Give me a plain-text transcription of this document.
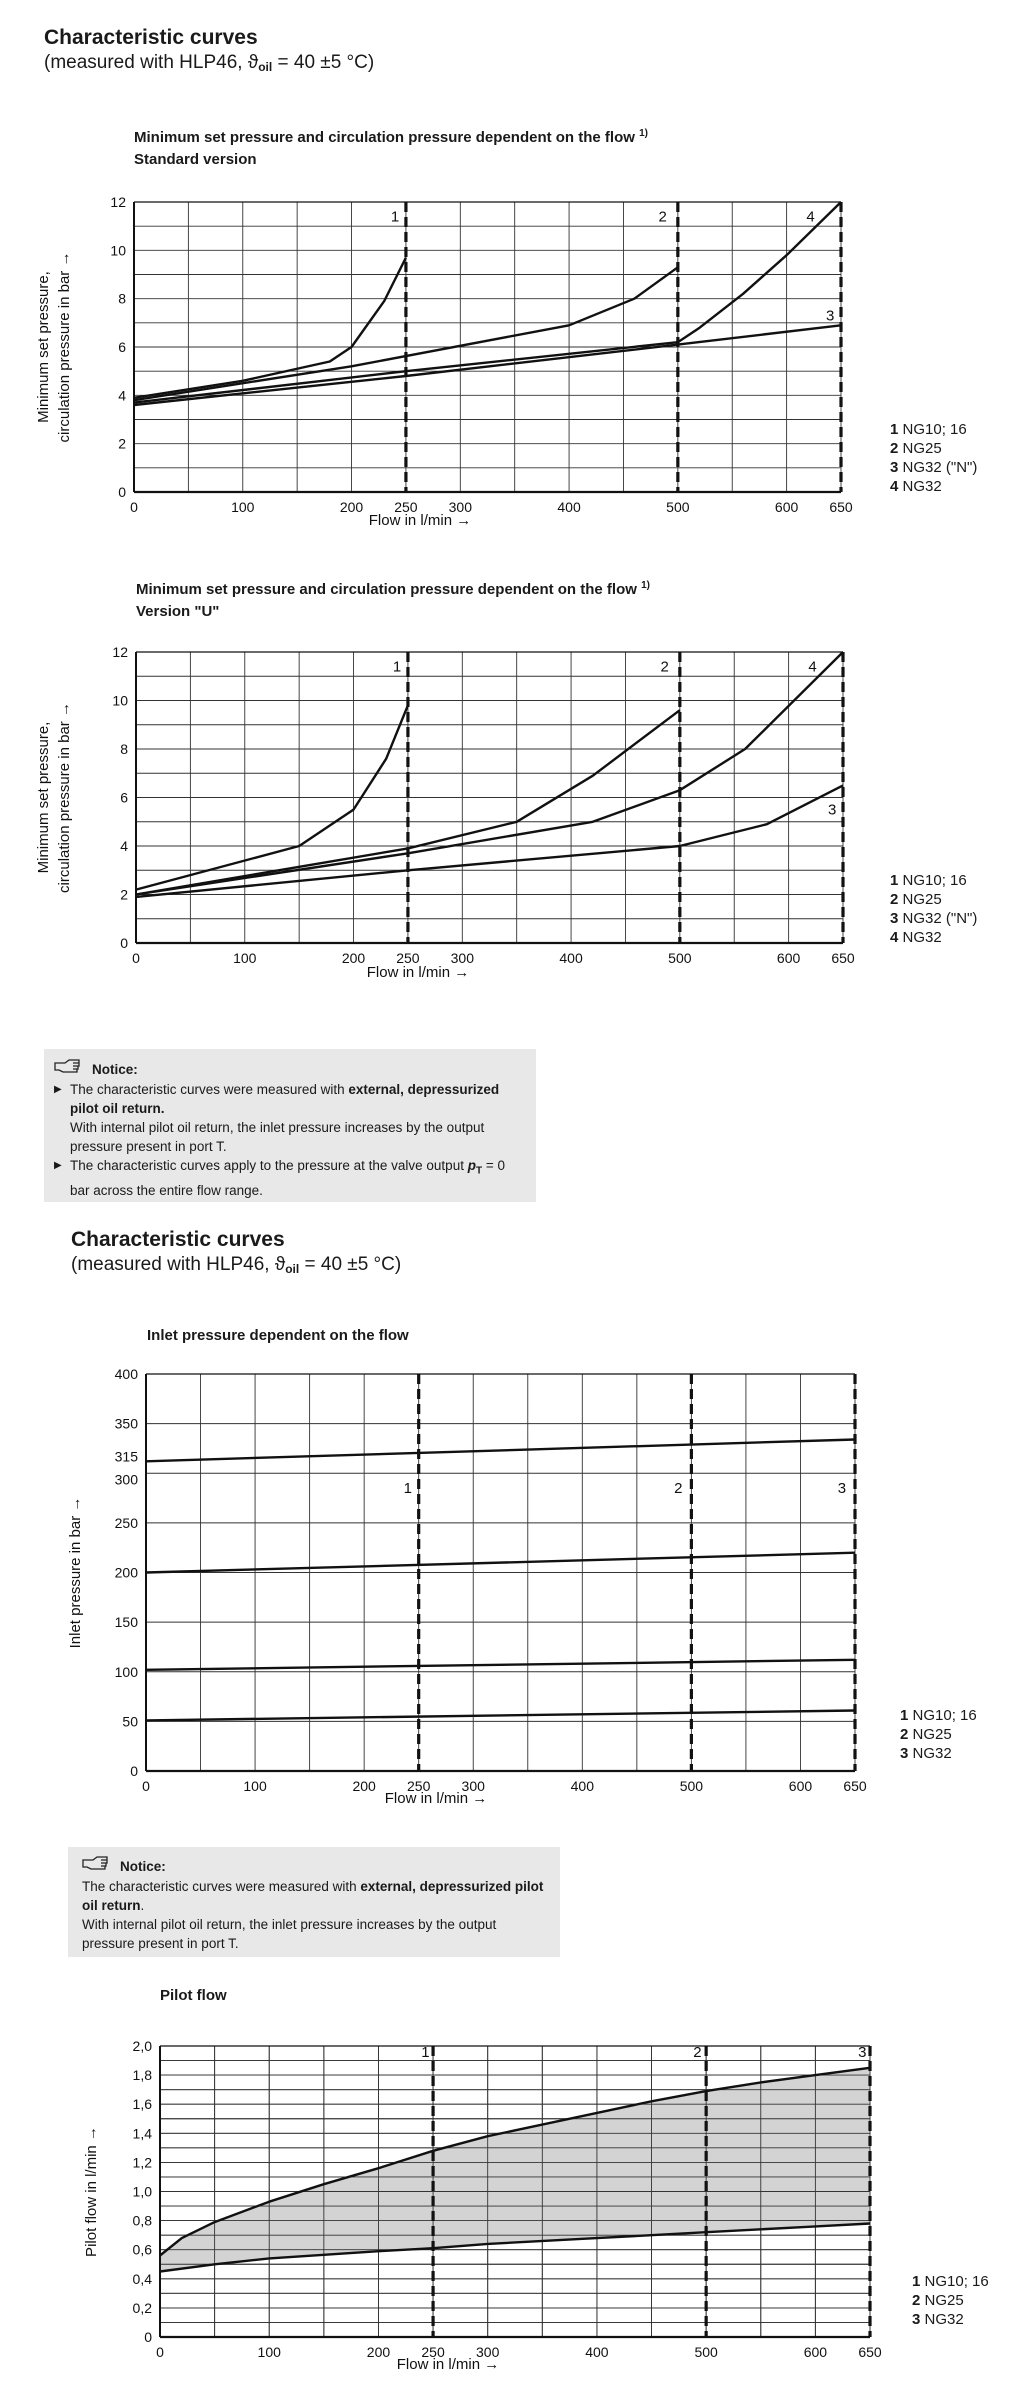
Characteristic curves
(measured with HLP46, $ϑ_{oil} = 40 \pm 5$ °C)
Minimum set pressure and circulation pressure dependent on the flow $^{1)}$
Standard version
1	2	4
3
0	100	200 250 300	400	500	600 650
0
2
4
6
8
10
12
Flow in l/min →
Minimum set pressure, circulation pressure in bar →	1 NG10; 16
2 NG25
3 NG32 ("N")
4 NG32
Minimum set pressure and circulation pressure dependent on the flow $^{1)}$
Version "U"
1	2	4
3
0	100	200 250 300	400	500	600 650
0
2
4
6
8
10
12
Flow in l/min →
Minimum set pressure, circulation pressure in bar →	1 NG10; 16
2 NG25
3 NG32 ("N")
4 NG32
Notice:
▶ The characteristic curves were measured with external, depressurized pilot oil return.
With internal pilot oil return, the inlet pressure increases by the output pressure present in port T.
▶ The characteristic curves apply to the pressure at the valve output $p_T = 0$ bar across the entire flow range.
Characteristic curves
(measured with HLP46, $ϑ_{oil} = 40 \pm 5$ °C)
Inlet pressure dependent on the flow
1	2	3
0	100	200 250 300	400	500	600 650
0
50
100
150
200
250
300
315
350
400
Flow in l/min →
Inlet pressure in bar →
1 NG10; 16
2 NG25
3 NG32
Notice:
The characteristic curves were measured with external, depressurized pilot oil return.
With internal pilot oil return, the inlet pressure increases by the output pressure present in port T.
Pilot flow
1	2	3
0	100	200 250 300	400	500	600 650
0
0,2
0,4
0,6
0,8
1,0
1,2
1,4
1,6
1,8
2,0
Flow in l/min →
Pilot flow in l/min →
1 NG10; 16
2 NG25
3 NG32
